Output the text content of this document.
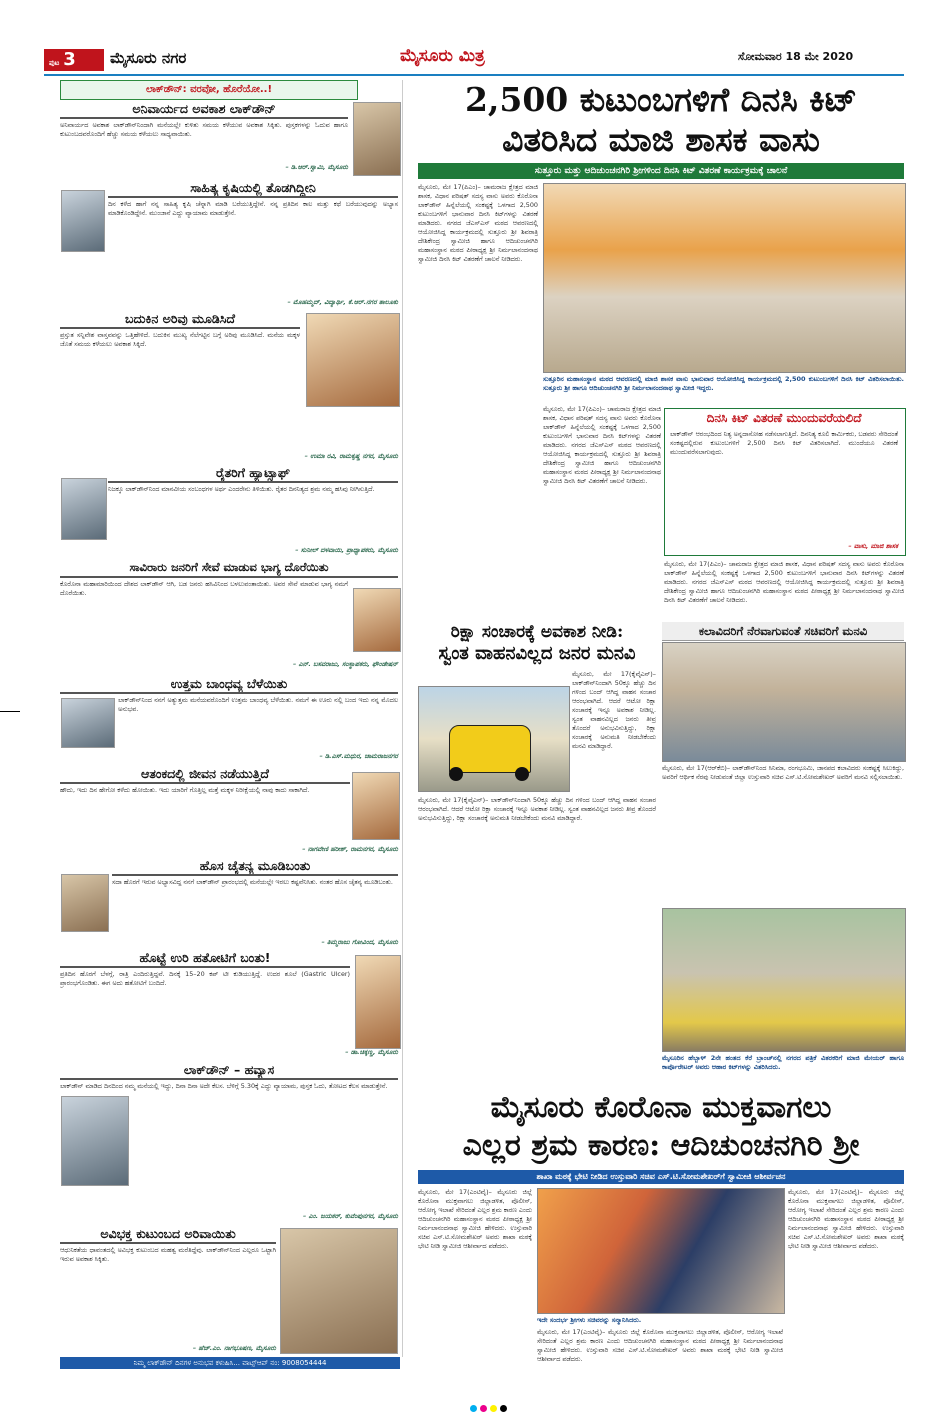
ಪುಟ 3	ಮೈಸೂರು ನಗರ	ಮೈಸೂರು ಮಿತ್ರ	ಸೋಮವಾರ 18 ಮೇ 2020
ಲಾಕ್‌ಡೌನ್: ವರವೋ, ಹೊರೆಯೋ..!
ಅನಿವಾರ್ಯದ ಅವಕಾಶ ಲಾಕ್‌ಡೌನ್
ಅನಿವಾರ್ಯದ ಅವಕಾಶ ಲಾಕ್‌ಡೌನ್‌ನಿಂದಾಗಿ ಮನೆಯಲ್ಲೇ ಕುಳಿತು ಸಮಯ ಕಳೆಯುವ ಅವಕಾಶ ಸಿಕ್ಕಿತು. ಪುಸ್ತಕಗಳನ್ನು ಓದುವ ಹಾಗೂ ಕುಟುಂಬದವರೊಂದಿಗೆ ಹೆಚ್ಚು ಸಮಯ ಕಳೆಯಲು ಸಾಧ್ಯವಾಯಿತು.
– ಡಿ.ಆರ್.ಸ್ವಾಮಿ, ಮೈಸೂರು
ಸಾಹಿತ್ಯ ಕೃಷಿಯಲ್ಲಿ ತೊಡಗಿದ್ದೀನಿ
ದಿನ ಕಳೆದ ಹಾಗೆ ನನ್ನ ಸಾಹಿತ್ಯ ಕೃಷಿ ಚೆನ್ನಾಗಿ ಮಾಡಿ ಬರೆಯುತ್ತಿದ್ದೇನೆ. ನನ್ನ ಪ್ರತಿದಿನ ಕಾಲ ಮತ್ತು ಕಥೆ ಬರೆಯುವುದನ್ನು ಅಭ್ಯಾಸ ಮಾಡಿಕೊಂಡಿದ್ದೇನೆ. ಮುಂಜಾನೆ ಎದ್ದು ವ್ಯಾಯಾಮ ಮಾಡುತ್ತೇನೆ.
– ಮೊಹಮ್ಮದ್, ವಿದ್ಯಾರ್ಥಿ, ಕೆ.ಆರ್.ನಗರ ತಾಲೂಕು
ಬದುಕಿನ ಅರಿವು ಮೂಡಿಸಿದೆ
ಪ್ರಸ್ತುತ ಸನ್ನಿವೇಶ ವಾಸ್ತವವನ್ನು ಒತ್ತಿಹೇಳಿದೆ. ಬದುಕಿನ ಮುಖ್ಯ ನೆಲೆಗಟ್ಟಿನ ಬಗ್ಗೆ ಅರಿವು ಮೂಡಿಸಿದೆ. ಮನೆಯ ಮಕ್ಕಳ ಜೊತೆ ಸಮಯ ಕಳೆಯಲು ಅವಕಾಶ ಸಿಕ್ಕಿದೆ.
– ಉಮಾ ರವಿ, ರಾಮಕೃಷ್ಣ ನಗರ, ಮೈಸೂರು
ರೈತರಿಗೆ ಹ್ಯಾಟ್ಸಾಫ್
ನಿಜಕ್ಕೂ ಲಾಕ್‌ಡೌನ್‌ನಿಂದ ಮಾನವೀಯ ಸಂಬಂಧಗಳ ಅರ್ಥ ಎಂದರೇನು ತಿಳಿಯಿತು. ರೈತರ ದಿನನಿತ್ಯದ ಶ್ರಮ ನಮ್ಮ ಹಸಿವು ನೀಗಿಸುತ್ತಿದೆ.
– ಸುನೀಲ್ ದಳವಾಯಿ, ಪ್ರಾಧ್ಯಾಪಕರು, ಮೈಸೂರು
ಸಾವಿರಾರು ಜನರಿಗೆ ಸೇವೆ ಮಾಡುವ ಭಾಗ್ಯ ದೊರೆಯಿತು
ಕೊರೊನಾ ಮಹಾಮಾರಿಯಿಂದ ದೇಶದ ಲಾಕ್‌ಡೌನ್ ಆಗಿ, ಬಡ ಜನರು ಹಸಿವಿನಿಂದ ಬಳಲುವಂತಾಯಿತು. ಅವರ ಸೇವೆ ಮಾಡುವ ಭಾಗ್ಯ ನಮಗೆ ದೊರೆಯಿತು.
– ಎನ್. ಬಸವರಾಜು, ಸಂಸ್ಥಾಪಕರು, ಫೌಂಡೇಷನ್
ಉತ್ತಮ ಬಾಂಧವ್ಯ ಬೆಳೆಯಿತು
ಲಾಕ್‌ಡೌನ್‌ನಿಂದ ನನಗೆ ಅತ್ಯುತ್ತಮ ಮನೆಯವರೊಂದಿಗೆ ಉತ್ತಮ ಬಾಂಧವ್ಯ ಬೆಳೆಯಿತು. ನಮಗೆ ಈ ಊರು ನಲ್ಲಿ ಬಂದ ಇದು ನನ್ನ ಮೊದಲ ಅನುಭವ.
– ಡಿ.ಎಸ್.ಮಧುರ, ಚಾಮರಾಜನಗರ
ಆತಂಕದಲ್ಲಿ ಜೀವನ ನಡೆಯುತ್ತಿದೆ
ಹೌದು, ಇದು ದಿನ ಹೇಗೋ ಕಳೆದು ಹೋಯಿತು. ಇದು ಯಾರಿಗೆ ಗೊತ್ತಿಲ್ಲ ಮತ್ತೆ ಮಕ್ಕಳ ನಿರೀಕ್ಷೆಯಲ್ಲಿ ನಾವು ಕಾದು ಸಾಕಾಗಿದೆ.
– ನಾಗವೇಣಿ ಹರೀಶ್, ರಾಮನಗರ, ಮೈಸೂರು
ಹೊಸ ಚೈತನ್ಯ ಮೂಡಿಬಂತು
ಸದಾ ಹೊರಗೆ ಇರುವ ಅಭ್ಯಾಸವಿದ್ದ ನನಗೆ ಲಾಕ್‌ಡೌನ್ ಪ್ರಾರಂಭದಲ್ಲಿ ಮನೆಯಲ್ಲೇ ಇರಲು ಕಷ್ಟವೆನಿಸಿತು. ನಂತರ ಹೊಸ ಚೈತನ್ಯ ಮೂಡಿಬಂತು.
– ತಿಮ್ಮರಾಜು ಗೋವಿಂದ, ಮೈಸೂರು
ಹೊಟ್ಟೆ ಉರಿ ಹತೋಟಿಗೆ ಬಂತು!
ಪ್ರತಿದಿನ ಹೊರಗೆ ಬೆಳಗ್ಗೆ, ರಾತ್ರಿ ಎಂದಿರುತ್ತಿದ್ದವೆ. ದಿನಕ್ಕೆ 15–20 ಕಪ್ ಟೀ ಕುಡಿಯುತ್ತಿದ್ದೆ. ಉದರ ಶೂಲೆ (Gastric Ulcer) ಪ್ರಾರಂಭಗೊಂಡಿತು. ಈಗ ಅದು ಹತೋಟಿಗೆ ಬಂದಿದೆ.
– ಡಾ.ಚಿಕ್ಕಣ್ಣ, ಮೈಸೂರು
ಲಾಕ್‌ಡೌನ್ – ಹವ್ಯಾಸ
ಲಾಕ್‌ಡೌನ್ ಮಾಡಿದ ದಿನದಿಂದ ನಮ್ಮ ಮನೆಯಲ್ಲಿ ಇದ್ದು, ದಿನಾ ದಿನಾ ಅದೇ ಕೆಲಸ. ಬೆಳಿಗ್ಗೆ 5.30ಕ್ಕೆ ಎದ್ದು ವ್ಯಾಯಾಮ, ಪುಸ್ತಕ ಓದು, ತೋಟದ ಕೆಲಸ ಮಾಡುತ್ತೇನೆ.
– ಎಂ. ಜಯಕರ್, ಕುವೆಂಪುನಗರ, ಮೈಸೂರು
ಅವಿಭಕ್ತ ಕುಟುಂಬದ ಅರಿವಾಯಿತು
ಆಧುನಿಕತೆಯ ಧಾವಂತದಲ್ಲಿ ಅವಿಭಕ್ತ ಕುಟುಂಬದ ಮಹತ್ವ ಮರೆತಿದ್ದೆವು. ಲಾಕ್‌ಡೌನ್‌ನಿಂದ ಎಲ್ಲರೂ ಒಟ್ಟಾಗಿ ಇರುವ ಅವಕಾಶ ಸಿಕ್ಕಿತು.
– ಹೆಚ್.ಎಂ. ನಾಗಭೂಷಣ, ಮೈಸೂರು
ನಿಮ್ಮ ಲಾಕ್‌ಡೌನ್ ದಿನಗಳ ಅನುಭವ ಕಳುಹಿಸಿ... ವಾಟ್ಸ್‌ಆಪ್ ನಂ: 9008054444
2,500 ಕುಟುಂಬಗಳಿಗೆ ದಿನಸಿ ಕಿಟ್ ವಿತರಿಸಿದ ಮಾಜಿ ಶಾಸಕ ವಾಸು
ಸುತ್ತೂರು ಮತ್ತು ಆದಿಚುಂಚನಗಿರಿ ಶ್ರೀಗಳಿಂದ ದಿನಸಿ ಕಿಟ್ ವಿತರಣೆ ಕಾರ್ಯಕ್ರಮಕ್ಕೆ ಚಾಲನೆ
ಮೈಸೂರು, ಮೇ 17(ಪಿಎಂ)– ಚಾಮರಾಜ ಕ್ಷೇತ್ರದ ಮಾಜಿ ಶಾಸಕ, ವಿಧಾನ ಪರಿಷತ್ ಸದಸ್ಯ ವಾಸು ಅವರು ಕೊರೊನಾ ಲಾಕ್‌ಡೌನ್ ಹಿನ್ನೆಲೆಯಲ್ಲಿ ಸಂಕಷ್ಟಕ್ಕೆ ಒಳಗಾದ 2,500 ಕುಟುಂಬಗಳಿಗೆ ಭಾನುವಾರ ದಿನಸಿ ಕಿಟ್‌ಗಳನ್ನು ವಿತರಣೆ ಮಾಡಿದರು. ನಗರದ ಜೆಎಸ್‌ಎಸ್ ಮಠದ ಆವರಣದಲ್ಲಿ ಆಯೋಜಿಸಿದ್ದ ಕಾರ್ಯಕ್ರಮದಲ್ಲಿ ಸುತ್ತೂರು ಶ್ರೀ ಶಿವರಾತ್ರಿ ದೇಶಿಕೇಂದ್ರ ಸ್ವಾಮೀಜಿ ಹಾಗೂ ಆದಿಚುಂಚನಗಿರಿ ಮಹಾಸಂಸ್ಥಾನ ಮಠದ ಪೀಠಾಧ್ಯಕ್ಷ ಶ್ರೀ ನಿರ್ಮಲಾನಂದನಾಥ ಸ್ವಾಮೀಜಿ ದಿನಸಿ ಕಿಟ್ ವಿತರಣೆಗೆ ಚಾಲನೆ ನೀಡಿದರು.
ಸುತ್ತೂರಿನ ಮಹಾಸಂಸ್ಥಾನ ಮಠದ ಆವರಣದಲ್ಲಿ ಮಾಜಿ ಶಾಸಕ ವಾಸು ಭಾನುವಾರ ಆಯೋಜಿಸಿದ್ದ ಕಾರ್ಯಕ್ರಮದಲ್ಲಿ 2,500 ಕುಟುಂಬಗಳಿಗೆ ದಿನಸಿ ಕಿಟ್ ವಿತರಿಸಲಾಯಿತು. ಸುತ್ತೂರು ಶ್ರೀ ಹಾಗೂ ಆದಿಚುಂಚನಗಿರಿ ಶ್ರೀ ನಿರ್ಮಲಾನಂದನಾಥ ಸ್ವಾಮೀಜಿ ಇದ್ದರು.
ಮೈಸೂರು, ಮೇ 17(ಪಿಎಂ)– ಚಾಮರಾಜ ಕ್ಷೇತ್ರದ ಮಾಜಿ ಶಾಸಕ, ವಿಧಾನ ಪರಿಷತ್ ಸದಸ್ಯ ವಾಸು ಅವರು ಕೊರೊನಾ ಲಾಕ್‌ಡೌನ್ ಹಿನ್ನೆಲೆಯಲ್ಲಿ ಸಂಕಷ್ಟಕ್ಕೆ ಒಳಗಾದ 2,500 ಕುಟುಂಬಗಳಿಗೆ ಭಾನುವಾರ ದಿನಸಿ ಕಿಟ್‌ಗಳನ್ನು ವಿತರಣೆ ಮಾಡಿದರು. ನಗರದ ಜೆಎಸ್‌ಎಸ್ ಮಠದ ಆವರಣದಲ್ಲಿ ಆಯೋಜಿಸಿದ್ದ ಕಾರ್ಯಕ್ರಮದಲ್ಲಿ ಸುತ್ತೂರು ಶ್ರೀ ಶಿವರಾತ್ರಿ ದೇಶಿಕೇಂದ್ರ ಸ್ವಾಮೀಜಿ ಹಾಗೂ ಆದಿಚುಂಚನಗಿರಿ ಮಹಾಸಂಸ್ಥಾನ ಮಠದ ಪೀಠಾಧ್ಯಕ್ಷ ಶ್ರೀ ನಿರ್ಮಲಾನಂದನಾಥ ಸ್ವಾಮೀಜಿ ದಿನಸಿ ಕಿಟ್ ವಿತರಣೆಗೆ ಚಾಲನೆ ನೀಡಿದರು.
ದಿನಸಿ ಕಿಟ್ ವಿತರಣೆ ಮುಂದುವರೆಯಲಿದೆ
ಲಾಕ್‌ಡೌನ್ ಆರಂಭದಿಂದ ನಿತ್ಯ ಅನ್ನದಾಸೋಹ ನಡೆಸಲಾಗುತ್ತಿದೆ. ದಿನನಿತ್ಯ ಕೂಲಿ ಕಾರ್ಮಿಕರು, ಬಡವರು ಸೇರಿದಂತೆ ಸಂಕಷ್ಟದಲ್ಲಿರುವ ಕುಟುಂಬಗಳಿಗೆ 2,500 ದಿನಸಿ ಕಿಟ್ ವಿತರಿಸಲಾಗಿದೆ. ಮುಂದೆಯೂ ವಿತರಣೆ ಮುಂದುವರೆಸಲಾಗುವುದು.
– ವಾಸು, ಮಾಜಿ ಶಾಸಕ
ಮೈಸೂರು, ಮೇ 17(ಪಿಎಂ)– ಚಾಮರಾಜ ಕ್ಷೇತ್ರದ ಮಾಜಿ ಶಾಸಕ, ವಿಧಾನ ಪರಿಷತ್ ಸದಸ್ಯ ವಾಸು ಅವರು ಕೊರೊನಾ ಲಾಕ್‌ಡೌನ್ ಹಿನ್ನೆಲೆಯಲ್ಲಿ ಸಂಕಷ್ಟಕ್ಕೆ ಒಳಗಾದ 2,500 ಕುಟುಂಬಗಳಿಗೆ ಭಾನುವಾರ ದಿನಸಿ ಕಿಟ್‌ಗಳನ್ನು ವಿತರಣೆ ಮಾಡಿದರು. ನಗರದ ಜೆಎಸ್‌ಎಸ್ ಮಠದ ಆವರಣದಲ್ಲಿ ಆಯೋಜಿಸಿದ್ದ ಕಾರ್ಯಕ್ರಮದಲ್ಲಿ ಸುತ್ತೂರು ಶ್ರೀ ಶಿವರಾತ್ರಿ ದೇಶಿಕೇಂದ್ರ ಸ್ವಾಮೀಜಿ ಹಾಗೂ ಆದಿಚುಂಚನಗಿರಿ ಮಹಾಸಂಸ್ಥಾನ ಮಠದ ಪೀಠಾಧ್ಯಕ್ಷ ಶ್ರೀ ನಿರ್ಮಲಾನಂದನಾಥ ಸ್ವಾಮೀಜಿ ದಿನಸಿ ಕಿಟ್ ವಿತರಣೆಗೆ ಚಾಲನೆ ನೀಡಿದರು.
ರಿಕ್ಷಾ ಸಂಚಾರಕ್ಕೆ ಅವಕಾಶ ನೀಡಿ:
ಸ್ವಂತ ವಾಹನವಿಲ್ಲದ ಜನರ ಮನವಿ
ಮೈಸೂರು, ಮೇ 17(ಕೈವೈಎನ್)– ಲಾಕ್‌ಡೌನ್‌ನಿಂದಾಗಿ 50ಕ್ಕೂ ಹೆಚ್ಚು ದಿನ ಗಳಿಂದ ಬಂದ್ ಆಗಿದ್ದ ವಾಹನ ಸಂಚಾರ ಆರಂಭವಾಗಿದೆ. ಆದರೆ ಆಟೋ ರಿಕ್ಷಾ ಸಂಚಾರಕ್ಕೆ ಇನ್ನೂ ಅವಕಾಶ ನೀಡಿಲ್ಲ. ಸ್ವಂತ ವಾಹನವಿಲ್ಲದ ಜನರು ತೀವ್ರ ತೊಂದರೆ ಅನುಭವಿಸುತ್ತಿದ್ದು, ರಿಕ್ಷಾ ಸಂಚಾರಕ್ಕೆ ಅನುಮತಿ ನೀಡಬೇಕೆಂದು ಮನವಿ ಮಾಡಿದ್ದಾರೆ.
ಮೈಸೂರು, ಮೇ 17(ಕೈವೈಎನ್)– ಲಾಕ್‌ಡೌನ್‌ನಿಂದಾಗಿ 50ಕ್ಕೂ ಹೆಚ್ಚು ದಿನ ಗಳಿಂದ ಬಂದ್ ಆಗಿದ್ದ ವಾಹನ ಸಂಚಾರ ಆರಂಭವಾಗಿದೆ. ಆದರೆ ಆಟೋ ರಿಕ್ಷಾ ಸಂಚಾರಕ್ಕೆ ಇನ್ನೂ ಅವಕಾಶ ನೀಡಿಲ್ಲ. ಸ್ವಂತ ವಾಹನವಿಲ್ಲದ ಜನರು ತೀವ್ರ ತೊಂದರೆ ಅನುಭವಿಸುತ್ತಿದ್ದು, ರಿಕ್ಷಾ ಸಂಚಾರಕ್ಕೆ ಅನುಮತಿ ನೀಡಬೇಕೆಂದು ಮನವಿ ಮಾಡಿದ್ದಾರೆ.
ಕಲಾವಿದರಿಗೆ ನೆರವಾಗುವಂತೆ ಸಚಿವರಿಗೆ ಮನವಿ
ಮೈಸೂರು, ಮೇ 17(ಆರ್‌ಕೆಬಿ)– ಲಾಕ್‌ಡೌನ್‌ನಿಂದ ಸಿನಿಮಾ, ರಂಗಭೂಮಿ, ಜಾನಪದ ಕಲಾವಿದರು ಸಂಕಷ್ಟಕ್ಕೆ ಸಿಲುಕಿದ್ದು, ಅವರಿಗೆ ಆರ್ಥಿಕ ನೆರವು ನೀಡುವಂತೆ ಜಿಲ್ಲಾ ಉಸ್ತುವಾರಿ ಸಚಿವ ಎಸ್.ಟಿ.ಸೋಮಶೇಖರ್ ಅವರಿಗೆ ಮನವಿ ಸಲ್ಲಿಸಲಾಯಿತು.
ಮೈಸೂರಿನ ಹೆಬ್ಬಾಳ್ 2ನೇ ಹಂತದ ಕೆರೆ ಬ್ರಾಂಚ್‌ನಲ್ಲಿ ನಗರದ ಪತ್ರಿಕೆ ವಿತರಕರಿಗೆ ಮಾಜಿ ಮೇಯರ್ ಹಾಗೂ ಕಾರ್ಪೊರೇಟರ್ ಅವರು ಆಹಾರ ಕಿಟ್‌ಗಳನ್ನು ವಿತರಿಸಿದರು.
ಮೈಸೂರು ಕೊರೊನಾ ಮುಕ್ತವಾಗಲು
ಎಲ್ಲರ ಶ್ರಮ ಕಾರಣ: ಆದಿಚುಂಚನಗಿರಿ ಶ್ರೀ
ಶಾಖಾ ಮಠಕ್ಕೆ ಭೇಟಿ ನೀಡಿದ ಉಸ್ತುವಾರಿ ಸಚಿವ ಎಸ್.ಟಿ.ಸೋಮಶೇಖರ್‌ಗೆ ಸ್ವಾಮೀಜಿ ಆಶೀರ್ವಚನ
ಮೈಸೂರು, ಮೇ 17(ಎಂಟಿವೈ)– ಮೈಸೂರು ಜಿಲ್ಲೆ ಕೊರೊನಾ ಮುಕ್ತವಾಗಲು ಜಿಲ್ಲಾಡಳಿತ, ಪೊಲೀಸ್, ಆರೋಗ್ಯ ಇಲಾಖೆ ಸೇರಿದಂತೆ ಎಲ್ಲರ ಶ್ರಮ ಕಾರಣ ಎಂದು ಆದಿಚುಂಚನಗಿರಿ ಮಹಾಸಂಸ್ಥಾನ ಮಠದ ಪೀಠಾಧ್ಯಕ್ಷ ಶ್ರೀ ನಿರ್ಮಲಾನಂದನಾಥ ಸ್ವಾಮೀಜಿ ಹೇಳಿದರು. ಉಸ್ತುವಾರಿ ಸಚಿವ ಎಸ್.ಟಿ.ಸೋಮಶೇಖರ್ ಅವರು ಶಾಖಾ ಮಠಕ್ಕೆ ಭೇಟಿ ನೀಡಿ ಸ್ವಾಮೀಜಿ ಆಶೀರ್ವಾದ ಪಡೆದರು.
ಇದೇ ಸಂದರ್ಭ ಶ್ರೀಗಳು ಸಚಿವರನ್ನು ಸನ್ಮಾನಿಸಿದರು.
ಮೈಸೂರು, ಮೇ 17(ಎಂಟಿವೈ)– ಮೈಸೂರು ಜಿಲ್ಲೆ ಕೊರೊನಾ ಮುಕ್ತವಾಗಲು ಜಿಲ್ಲಾಡಳಿತ, ಪೊಲೀಸ್, ಆರೋಗ್ಯ ಇಲಾಖೆ ಸೇರಿದಂತೆ ಎಲ್ಲರ ಶ್ರಮ ಕಾರಣ ಎಂದು ಆದಿಚುಂಚನಗಿರಿ ಮಹಾಸಂಸ್ಥಾನ ಮಠದ ಪೀಠಾಧ್ಯಕ್ಷ ಶ್ರೀ ನಿರ್ಮಲಾನಂದನಾಥ ಸ್ವಾಮೀಜಿ ಹೇಳಿದರು. ಉಸ್ತುವಾರಿ ಸಚಿವ ಎಸ್.ಟಿ.ಸೋಮಶೇಖರ್ ಅವರು ಶಾಖಾ ಮಠಕ್ಕೆ ಭೇಟಿ ನೀಡಿ ಸ್ವಾಮೀಜಿ ಆಶೀರ್ವಾದ ಪಡೆದರು.
ಮೈಸೂರು, ಮೇ 17(ಎಂಟಿವೈ)– ಮೈಸೂರು ಜಿಲ್ಲೆ ಕೊರೊನಾ ಮುಕ್ತವಾಗಲು ಜಿಲ್ಲಾಡಳಿತ, ಪೊಲೀಸ್, ಆರೋಗ್ಯ ಇಲಾಖೆ ಸೇರಿದಂತೆ ಎಲ್ಲರ ಶ್ರಮ ಕಾರಣ ಎಂದು ಆದಿಚುಂಚನಗಿರಿ ಮಹಾಸಂಸ್ಥಾನ ಮಠದ ಪೀಠಾಧ್ಯಕ್ಷ ಶ್ರೀ ನಿರ್ಮಲಾನಂದನಾಥ ಸ್ವಾಮೀಜಿ ಹೇಳಿದರು. ಉಸ್ತುವಾರಿ ಸಚಿವ ಎಸ್.ಟಿ.ಸೋಮಶೇಖರ್ ಅವರು ಶಾಖಾ ಮಠಕ್ಕೆ ಭೇಟಿ ನೀಡಿ ಸ್ವಾಮೀಜಿ ಆಶೀರ್ವಾದ ಪಡೆದರು.
